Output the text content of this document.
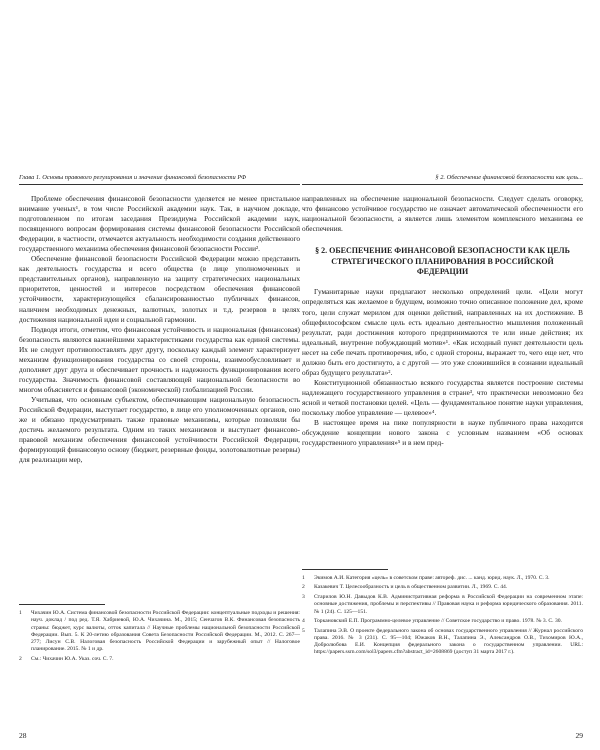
Глава 1. Основы правового регулирования и значение финансовой безопасности РФ

Проблеме обеспечения финансовой безопасности уделяется не менее пристальное внимание ученых¹, в том числе Российской академии наук. Так, в научном докладе, подготовленном по итогам заседания Президиума Российской академии наук, посвященного вопросам формирования системы финансовой безопасности Российской Федерации, в частности, отмечается актуальность необходимости создания действенного государственного механизма обеспечения финансовой безопасности России².

Обеспечение финансовой безопасности Российской Федерации можно представить как деятельность государства и всего общества (в лице уполномоченных и представительных органов), направленную на защиту стратегических национальных приоритетов, ценностей и интересов посредством обеспечения финансовой устойчивости, характеризующейся сбалансированностью публичных финансов, наличием необходимых денежных, валютных, золотых и т.д. резервов в целях достижения национальной идеи и социальной гармонии.

Подводя итоги, отметим, что финансовая устойчивость и национальная (финансовая) безопасность являются важнейшими характеристиками государства как единой системы. Их не следует противопоставлять друг другу, поскольку каждый элемент характеризует механизм функционирования государства со своей стороны, взаимообусловливает и дополняет друг друга и обеспечивает прочность и надежность функционирования всего государства. Значимость финансовой составляющей национальной безопасности во многом объясняется и финансовой (экономической) глобализацией России.

Учитывая, что основным субъектом, обеспечивающим национальную безопасность Российской Федерации, выступает государство, в лице его уполномоченных органов, оно же и обязано предусматривать также правовые механизмы, которые позволяли бы достичь желаемого результата. Одним из таких механизмов и выступает финансово-правовой механизм обеспечения финансовой устойчивости Российской Федерации, формирующий финансовую основу (бюджет, резервные фонды, золотовалютные резервы) для реализации мер,

1	Чихачин Ю.А. Система финансовой безопасности Российской Федерации: концептуальные подходы и решения: науч. доклад / под ред. Т.Я. Хабриевой, Ю.А. Чихачина. М., 2015; Сенчагов В.К. Финансовая безопасность страны: бюджет, курс валюты, отток капитала // Научные проблемы национальной безопасности Российской Федерации. Вып. 5. К 20-летию образования Совета Безопасности Российской Федерации. М., 2012. С. 267—277; Лисун С.В. Налоговая безопасность Российской Федерации и зарубежный опыт // Налоговое планирование. 2015. № 1 и др.
2	См.: Чихачин Ю.А. Указ. соч. С. 7.
28
§ 2. Обеспечение финансовой безопасности как цель...

направленных на обеспечение национальной безопасности. Следует сделать оговорку, что финансово устойчивое государство не означает автоматической обеспеченности его национальной безопасности, а является лишь элементом комплексного механизма ее обеспечения.

§ 2. ОБЕСПЕЧЕНИЕ ФИНАНСОВОЙ БЕЗОПАСНОСТИ КАК ЦЕЛЬ СТРАТЕГИЧЕСКОГО ПЛАНИРОВАНИЯ В РОССИЙСКОЙ ФЕДЕРАЦИИ

Гуманитарные науки предлагают несколько определений цели. «Цели могут определяться как желаемое в будущем, возможно точно описанное положение дел, кроме того, цели служат мерилом для оценки действий, направленных на их достижение. В общефилософском смысле цель есть идеально деятельностно мышления положенный результат, ради достижения которого предпринимаются те или иные действия; их идеальный, внутренне побуждающий мотив»¹. «Как исходный пункт деятельности цель несет на себе печать противоречия, ибо, с одной стороны, выражает то, чего еще нет, что должно быть его достигнуто, а с другой — это уже сложившийся в сознании идеальный образ будущего результата»².

Конституционной обязанностью всякого государства является построение системы надлежащего государственного управления в стране³, что практически невозможно без ясной и четкой постановки целей. «Цель — фундаментальное понятие науки управления, поскольку любое управление — целевое»⁴.

В настоящее время на пике популярности в науке публичного права находится обсуждение концепции нового закона с условным названием «Об основах государственного управления»⁵ и в нем пред-

1	Экимов А.И. Категория «цель» в советском праве: автореф. дис. ... канд. юрид. наук. Л., 1970. С. 3.
2	Казакевич Т. Целесообразность и цель в общественном развитии. Л., 1969. С. 44.
3	Старилов Ю.Н. Давыдов К.В. Административная реформа в Российской Федерации на современном этапе: основные достижения, проблемы и перспективы // Правовая наука и реформа юридического образования. 2011. № 1 (24). С. 125—151.
4	Торкановский Е.П. Программно-целевое управление // Советское государство и право. 1978. № 3. С. 30.
5	Талапина Э.В. О проекте федерального закона об основах государственного управления // Журнал российского права. 2016. № 3 (231). С. 95—104; Южаков В.Н., Талапина Э., Александров О.В., Тихомиров Ю.А., Добролюбова Е.И. Концепция федерального закона о государственном управлении. URL: https://papers.ssrn.com/sol3/papers.cfm?abstract_id=2608869 (доступ 31 марта 2017 г.).
29
